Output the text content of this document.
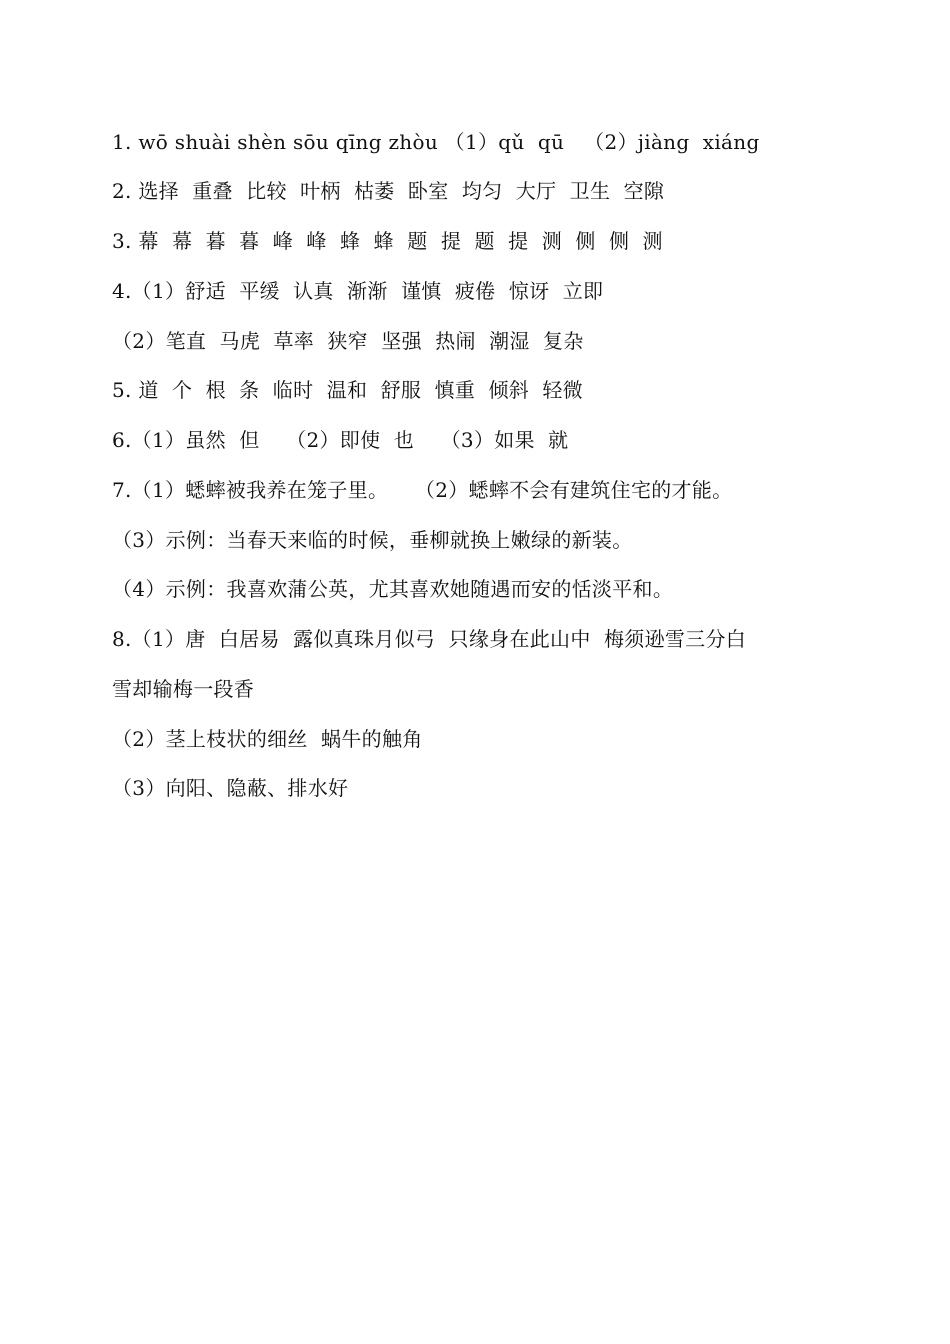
1. wō shuài shèn sōu qīng zhòu （1）qǔ  qū   （2）jiàng  xiáng
2. 选择  重叠  比较  叶柄  枯萎  卧室  均匀  大厅  卫生  空隙
3. 幕  幕  暮  暮  峰  峰  蜂  蜂  题  提  题  提  测  侧  侧  测
4.（1）舒适  平缓  认真  渐渐  谨慎  疲倦  惊讶  立即
（2）笔直  马虎  草率  狭窄  坚强  热闹  潮湿  复杂
5. 道  个  根  条  临时  温和  舒服  慎重  倾斜  轻微
6.（1）虽然  但    （2）即使  也    （3）如果  就
7.（1）蟋蟀被我养在笼子里。    （2）蟋蟀不会有建筑住宅的才能。
（3）示例：当春天来临的时候，垂柳就换上嫩绿的新装。
（4）示例：我喜欢蒲公英，尤其喜欢她随遇而安的恬淡平和。
8.（1）唐  白居易  露似真珠月似弓  只缘身在此山中  梅须逊雪三分白
雪却输梅一段香
（2）茎上枝状的细丝  蜗牛的触角
（3）向阳、隐蔽、排水好
